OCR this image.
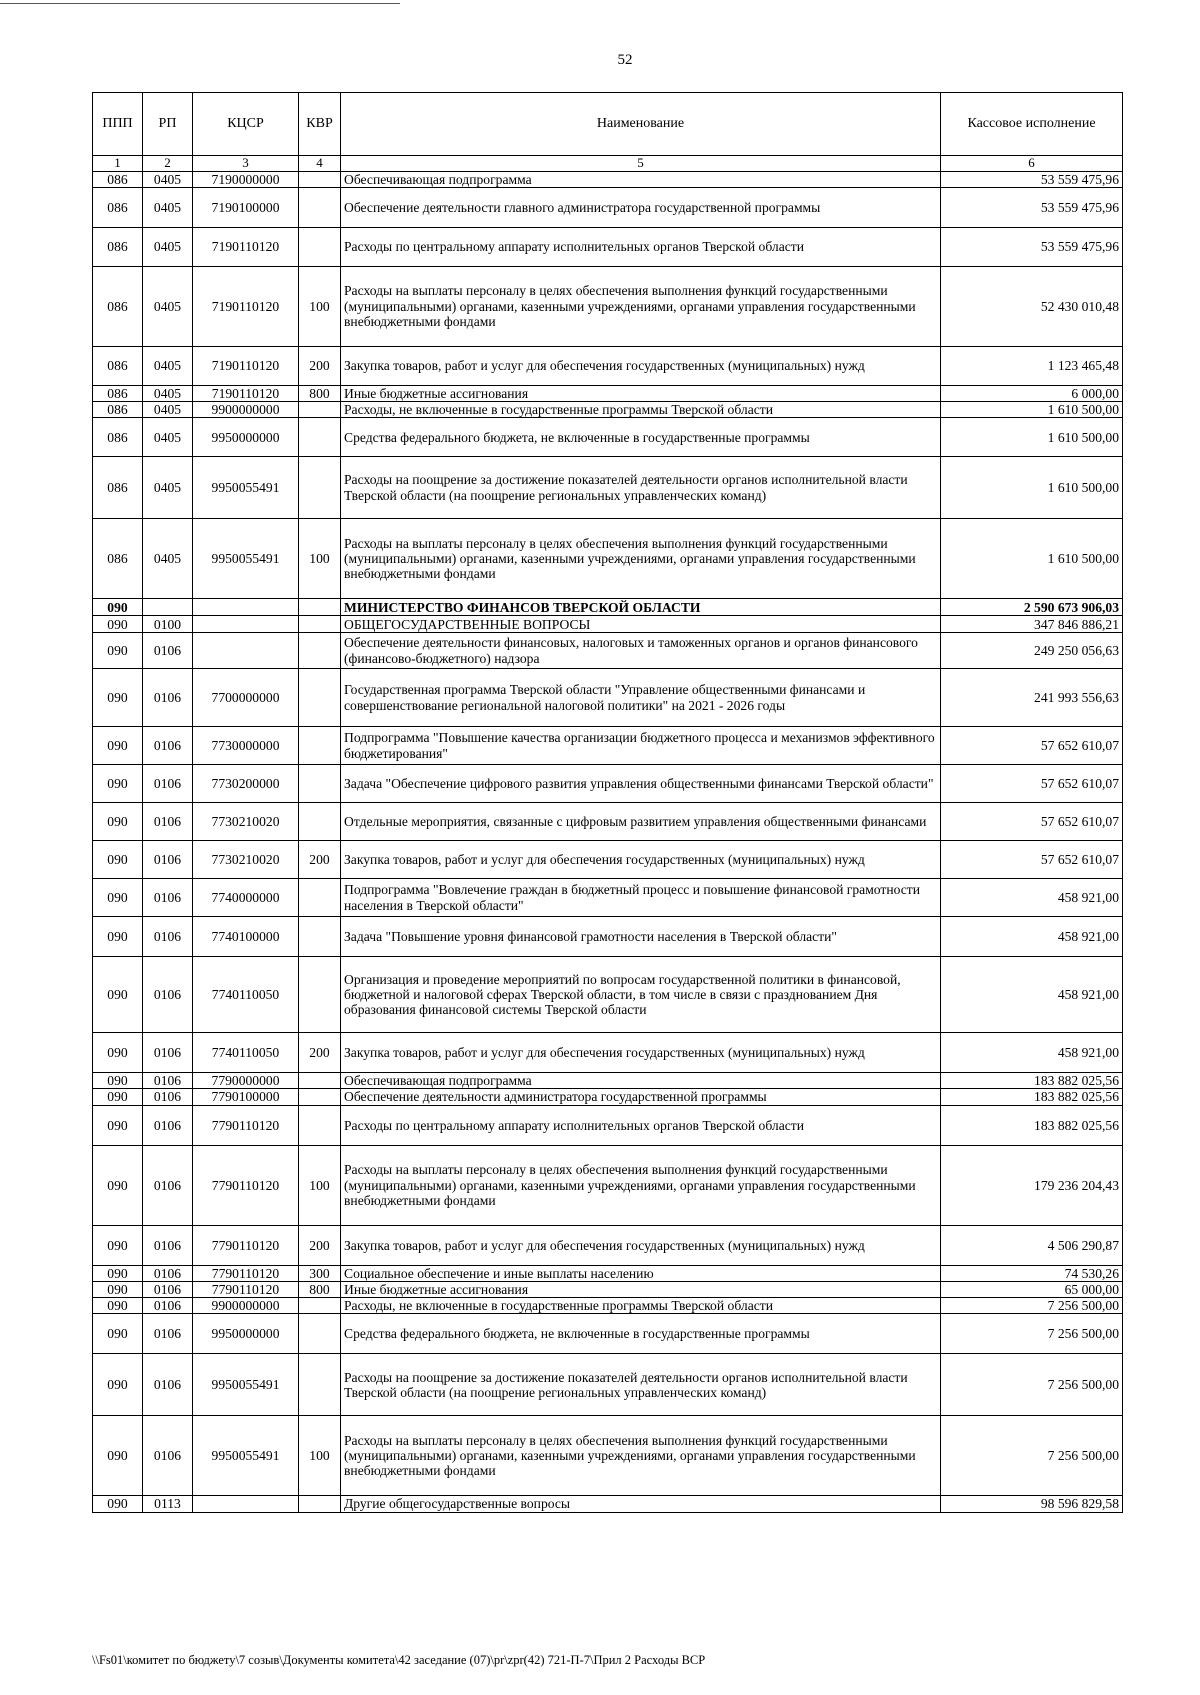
52
ППП	РП	КЦСР	КВР	Наименование	Кассовое исполнение
1	2	3	4	5	6
086	0405	7190000000		Обеспечивающая подпрограмма	53 559 475,96
086	0405	7190100000		Обеспечение деятельности главного администратора государственной программы	53 559 475,96
086	0405	7190110120		Расходы по центральному аппарату исполнительных органов Тверской области	53 559 475,96
086	0405	7190110120	100	Расходы на выплаты персоналу в целях обеспечения выполнения функций государственными (муниципальными) органами, казенными учреждениями, органами управления государственными внебюджетными фондами	52 430 010,48
086	0405	7190110120	200	Закупка товаров, работ и услуг для обеспечения государственных (муниципальных) нужд	1 123 465,48
086	0405	7190110120	800	Иные бюджетные ассигнования	6 000,00
086	0405	9900000000		Расходы, не включенные в государственные программы Тверской области	1 610 500,00
086	0405	9950000000		Средства федерального бюджета, не включенные в государственные программы	1 610 500,00
086	0405	9950055491		Расходы на поощрение за достижение показателей деятельности органов исполнительной власти Тверской области (на поощрение региональных управленческих команд)	1 610 500,00
086	0405	9950055491	100	Расходы на выплаты персоналу в целях обеспечения выполнения функций государственными (муниципальными) органами, казенными учреждениями, органами управления государственными внебюджетными фондами	1 610 500,00
090				МИНИСТЕРСТВО ФИНАНСОВ ТВЕРСКОЙ ОБЛАСТИ	2 590 673 906,03
090	0100			ОБЩЕГОСУДАРСТВЕННЫЕ ВОПРОСЫ	347 846 886,21
090	0106			Обеспечение деятельности финансовых, налоговых и таможенных органов и органов финансового (финансово-бюджетного) надзора	249 250 056,63
090	0106	7700000000		Государственная программа Тверской области "Управление общественными финансами и совершенствование региональной налоговой политики" на 2021 - 2026 годы	241 993 556,63
090	0106	7730000000		Подпрограмма "Повышение качества организации бюджетного процесса и механизмов эффективного бюджетирования"	57 652 610,07
090	0106	7730200000		Задача "Обеспечение цифрового развития управления общественными финансами Тверской области"	57 652 610,07
090	0106	7730210020		Отдельные мероприятия, связанные с цифровым развитием управления общественными финансами	57 652 610,07
090	0106	7730210020	200	Закупка товаров, работ и услуг для обеспечения государственных (муниципальных) нужд	57 652 610,07
090	0106	7740000000		Подпрограмма "Вовлечение граждан в бюджетный процесс и повышение финансовой грамотности населения в Тверской области"	458 921,00
090	0106	7740100000		Задача "Повышение уровня финансовой грамотности населения в Тверской области"	458 921,00
090	0106	7740110050		Организация и проведение мероприятий по вопросам государственной политики в финансовой, бюджетной и налоговой сферах Тверской области, в том числе в связи с празднованием Дня образования финансовой системы Тверской области	458 921,00
090	0106	7740110050	200	Закупка товаров, работ и услуг для обеспечения государственных (муниципальных) нужд	458 921,00
090	0106	7790000000		Обеспечивающая подпрограмма	183 882 025,56
090	0106	7790100000		Обеспечение деятельности администратора государственной программы	183 882 025,56
090	0106	7790110120		Расходы по центральному аппарату исполнительных органов Тверской области	183 882 025,56
090	0106	7790110120	100	Расходы на выплаты персоналу в целях обеспечения выполнения функций государственными (муниципальными) органами, казенными учреждениями, органами управления государственными внебюджетными фондами	179 236 204,43
090	0106	7790110120	200	Закупка товаров, работ и услуг для обеспечения государственных (муниципальных) нужд	4 506 290,87
090	0106	7790110120	300	Социальное обеспечение и иные выплаты населению	74 530,26
090	0106	7790110120	800	Иные бюджетные ассигнования	65 000,00
090	0106	9900000000		Расходы, не включенные в государственные программы Тверской области	7 256 500,00
090	0106	9950000000		Средства федерального бюджета, не включенные в государственные программы	7 256 500,00
090	0106	9950055491		Расходы на поощрение за достижение показателей деятельности органов исполнительной власти Тверской области (на поощрение региональных управленческих команд)	7 256 500,00
090	0106	9950055491	100	Расходы на выплаты персоналу в целях обеспечения выполнения функций государственными (муниципальными) органами, казенными учреждениями, органами управления государственными внебюджетными фондами	7 256 500,00
090	0113			Другие общегосударственные вопросы	98 596 829,58
\\Fs01\комитет по бюджету\7 созыв\Документы комитета\42 заседание (07)\pr\zpr(42) 721-П-7\Прил 2 Расходы ВСР
